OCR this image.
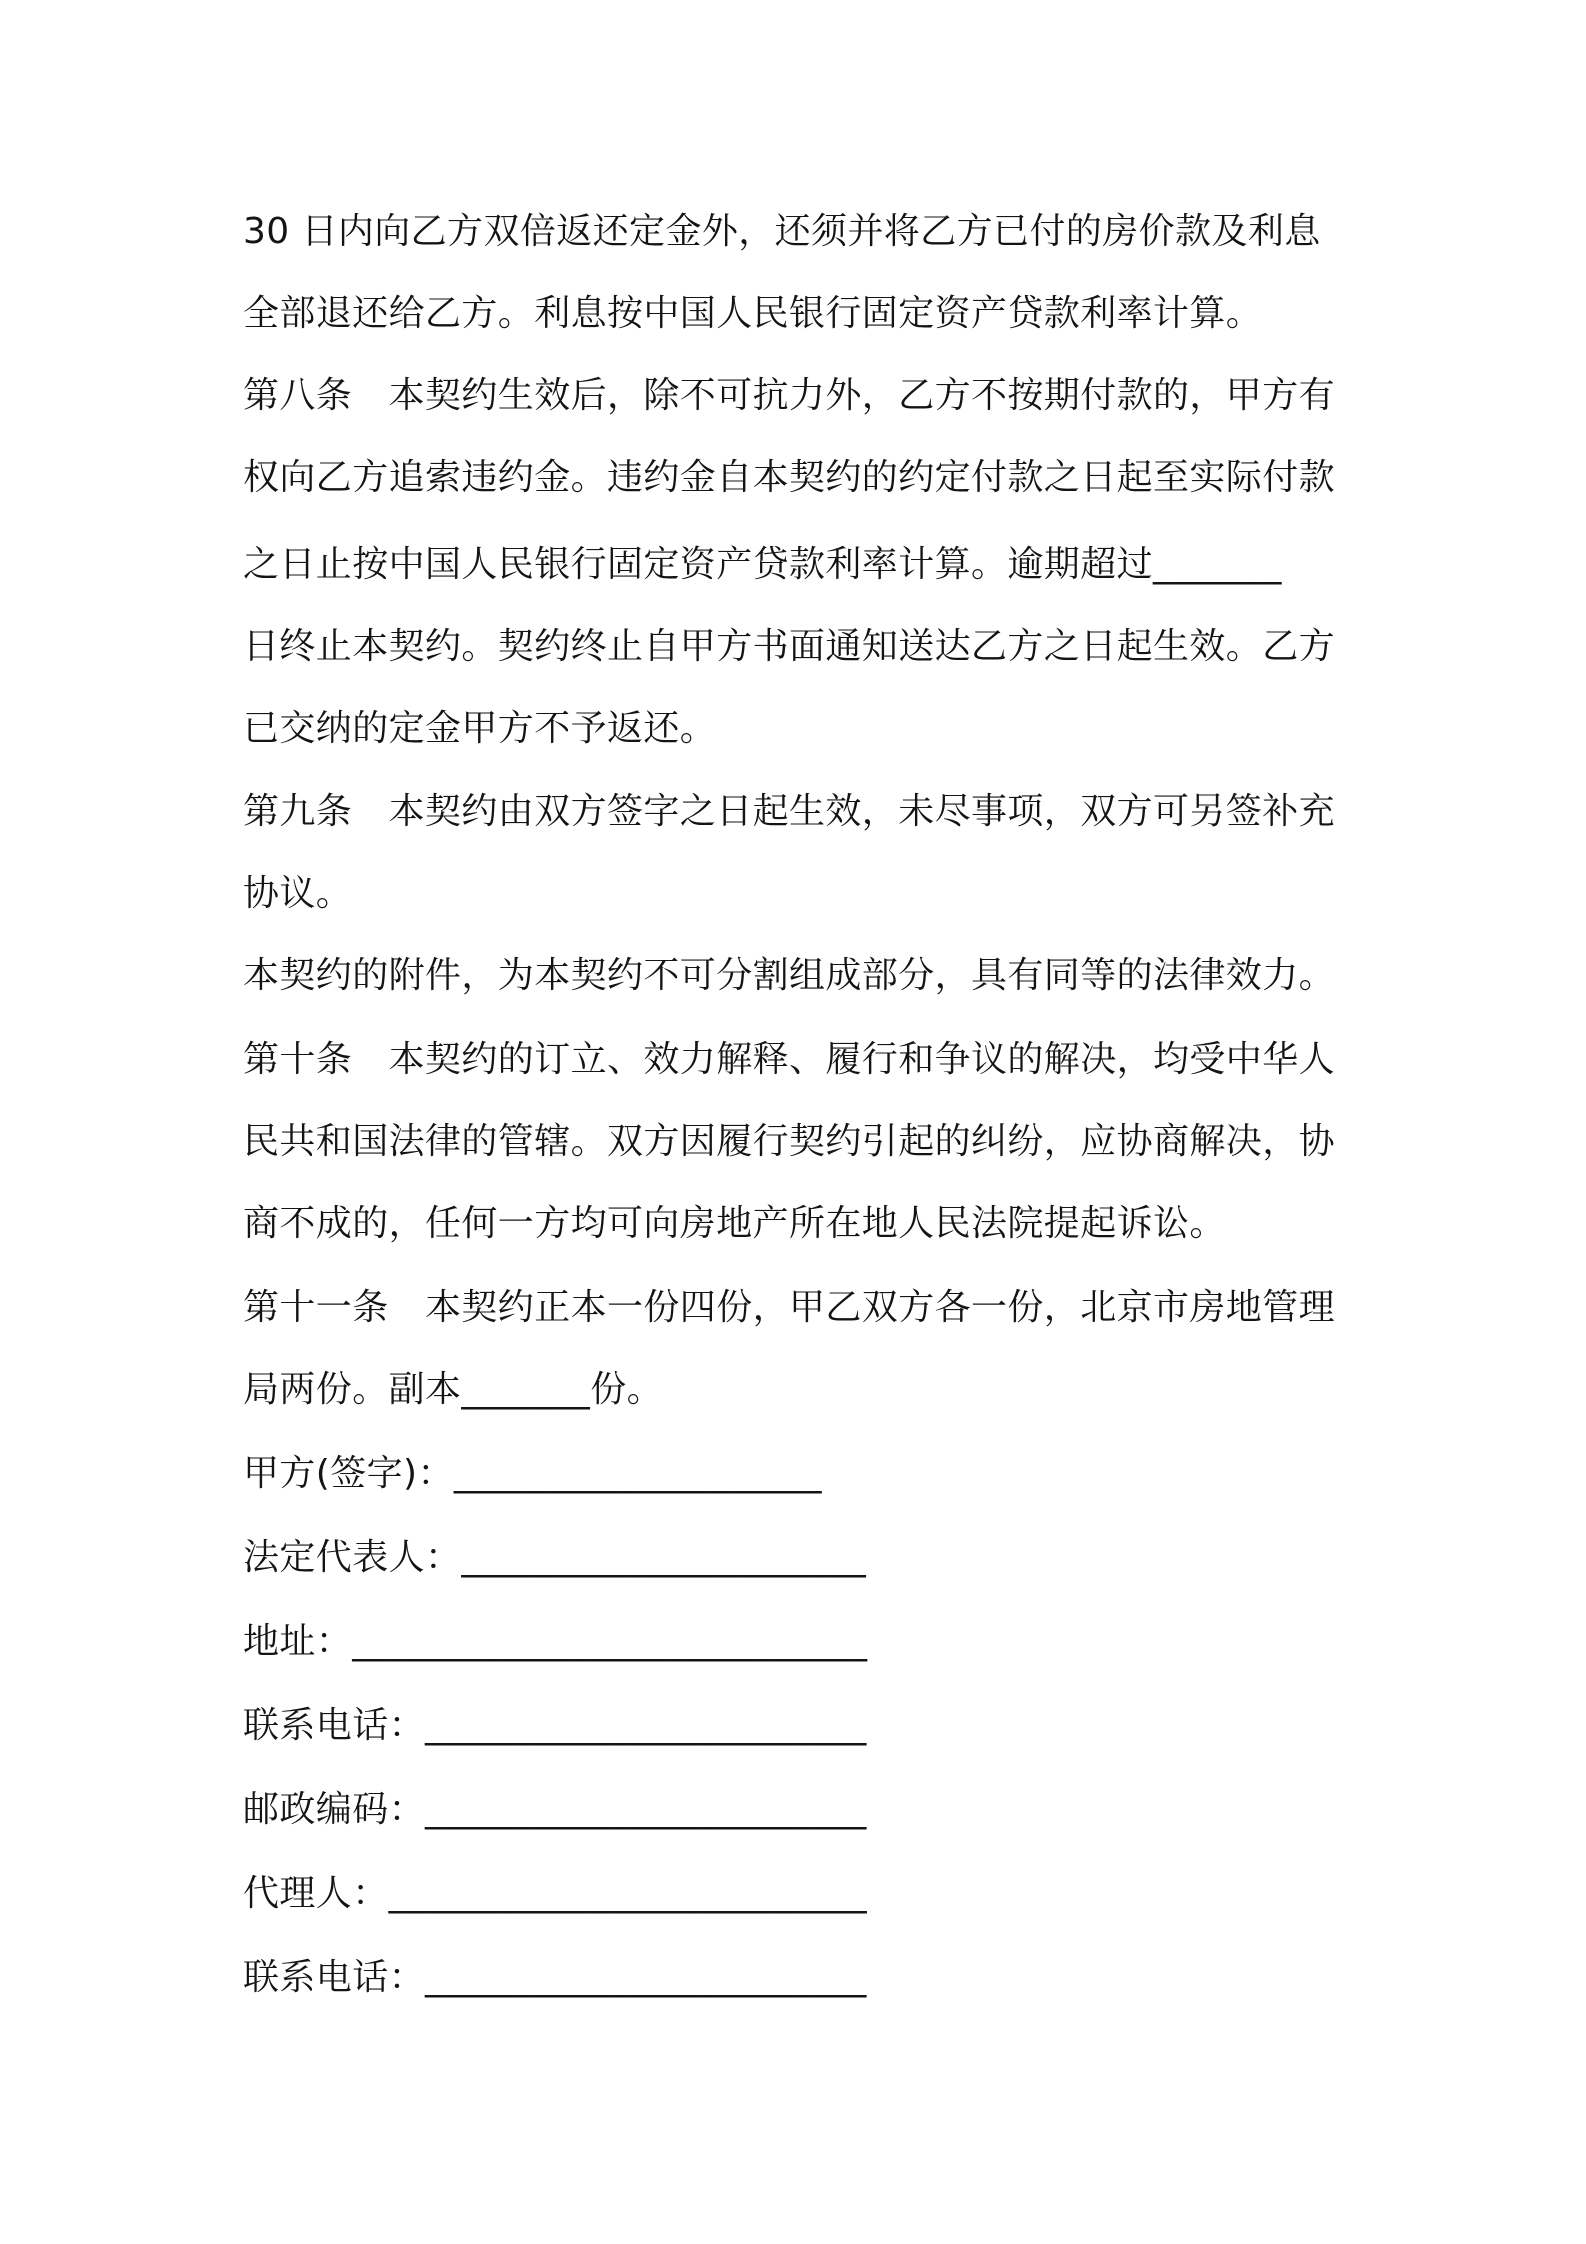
30 日内向乙方双倍返还定金外，还须并将乙方已付的房价款及利息
全部退还给乙方。利息按中国人民银行固定资产贷款利率计算。
第八条　本契约生效后，除不可抗力外，乙方不按期付款的，甲方有
权向乙方追索违约金。违约金自本契约的约定付款之日起至实际付款
之日止按中国人民银行固定资产贷款利率计算。逾期超过_______
日终止本契约。契约终止自甲方书面通知送达乙方之日起生效。乙方
已交纳的定金甲方不予返还。
第九条　本契约由双方签字之日起生效，未尽事项，双方可另签补充
协议。
本契约的附件，为本契约不可分割组成部分，具有同等的法律效力。
第十条　本契约的订立、效力解释、履行和争议的解决，均受中华人
民共和国法律的管辖。双方因履行契约引起的纠纷，应协商解决，协
商不成的，任何一方均可向房地产所在地人民法院提起诉讼。
第十一条　本契约正本一份四份，甲乙双方各一份，北京市房地管理
局两份。副本_______份。
甲方(签字)：____________________
法定代表人：______________________
地址：____________________________
联系电话：________________________
邮政编码：________________________
代理人：__________________________
联系电话：________________________
